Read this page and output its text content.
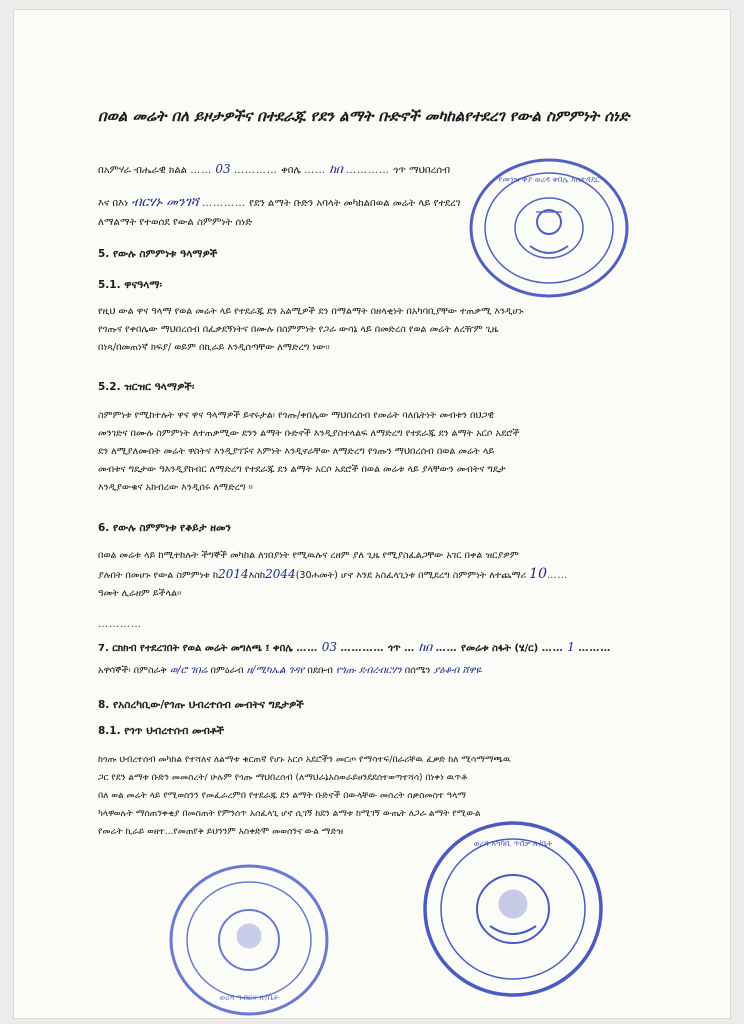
በወል መሬት በለ ይዞታዎችና በተደራጁ የደን ልማት ቡድኖች መካከልየተደረገ የውል ስምምነት ሰነድ
በአምሃራ ብሔራዊ ክልል …… 03 ………… ቀበሌ …… ከበ ………… ጎጥ ማህበረሰብ
እና በእነ ብርሃኑ መንገሻ ………… የደን ልማት ቡድን አባላት መካከልበወል መሬት ላይ የተደረገ
ለማልማት የተወሰደ የውል ስምምነት ሰነድ
5. የውሉ ስምምነቱ ዓላማዎች
5.1. ዋናዓላማ፡
የዚህ ውል ዋና ዓላማ የወል መሬት ላይ የተደራጁ ደን አልሚዎች ደን በማልማት በዘላቂነት በአካባቢያቸው ተጠቃሚ እንዲሆኑ
የጎጡና የቀበሌው ማህበረሰብ በፈቃደኝነትና በሙሉ በስምምነት የጋራ ውሳኔ ላይ በመድረስ የወል መሬት ለረዥም ጊዜ
በነጻ/በመጠነኛ ክፍያ/ ወይም በኪራይ እንዲሰጣቸው ለማድረግ ነው።
5.2. ዝርዝር ዓላማዎች፡
ስምምነቱ የሚከተሉት ዋና ዋና ዓላማዎች ይኖሩታል፡ የጎጡ/ቀበሌው ማህበረሰብ የመሬት ባለቤትነት መብቱን በህጋዊ
መንገድና በሙሉ ስምምነት ለተጠቃሚው ደንን ልማት ቡድኖች እንዲያስተላልፍ ለማድረግ የተደራጁ ደን ልማት አርሶ አደሮች
ደን ለሚያለሙበት መሬት ዋስትና እንዲያገኙና እምነት እንዲኖራቸው ለማድረግ የጎጡን ማህበረሰብ በወል መሬት ላይ
መብቱና ግዴታው ዓእንዲያከብር ለማድረግ የተደራጁ ደን ልማት አርሶ አደሮች በወል መሬቱ ላይ ያላቸውን መብትና ግዴታ
እንዲያውቁና አክብረው እንዲሰሩ ለማድረግ ።
6. የውሉ ስምምነቱ የቆይታ ዘመን
በወል መሬቱ ላይ ከሚተከሉት ችግኞች መካከል ለገበያነት የሚዉሉና ረዘም ያለ ጊዜ የሚያስፈልጋቸው አገር በቀል ዝርያዎም
ያሉበት በመሆኑ የውል ስምምነቱ ከ2014እስከ2044(30ሐመት) ሆኖ እንደ አስፈላጊነቱ በሚደረግ ስምምነት ለተጨማሪ 10……
ዓመት ሊራዘም ይችላል፡፡
…………
7. ርክክብ የተደረገበት የወል መሬት መግለጫ ፤ ቀበሌ …… 03 ………… ጎጥ … ከበ …… የመሬቱ ስፋት (ሄ/ር) …… 1 ………
አዋሳኞች፡ በምስራቅ ወ/ሮ ገበሬ በምዕራብ ዘ/ሚካኤል ገዳየ በደቡብ የጎጡ ደብረብርሃን በሰሜን ያዕቆብ ሸዋዬ
8. የአስረካቢው/የጎጡ ህብረተሰብ መብትና ግዴታዎች
8.1. የጎጥ ህብረተሰብ መብቶች
ከጎጡ ህብረተሰብ መካከል የተሻለና ለልማቱ ቁርጠኛ የሆኑ አርሶ አደሮችን መርጦ የማሳተፍ/በራሪቸዉ ፈቃድ ከለ ሚሳማማጫዉ
ጋር የደን ልማቱ ቡድን መመስረት/ ሁሉም የጎጡ ማህበረሰብ (ለማህራኔአስወራይፀንደደሰተወጣተሻሳ) በነቀነ ዉጥቶ
በለ ወል መሬት ላይ የሚወስንን የመፈራረምበ የተደራጁ ደን ልማት ቡድኖች በውላቸው መሰረት ሰቃስመስተ ዓላማ
ካላዋወሉት ማስጠንቀቂያ በመስጠት የምንሰጥ አሰፈላጊ ሆኖ ሲገኝ ከደን ልማቱ ከሚገኝ ውጤት ለጋራ ልማት የሚውል
የመሬት ኪራይ ወዘተ...የመጠየቅ ይህንንም አስቀድሞ መወሰንና ውል ማድዝ
የመንዝ ቀያ ወረዳ ቀበሌ አስተዳደር
ወረዳ ግብርና ጽ/ቤት
ወረዳ አካባቢ ጥበቃ ጽ/ቤት
